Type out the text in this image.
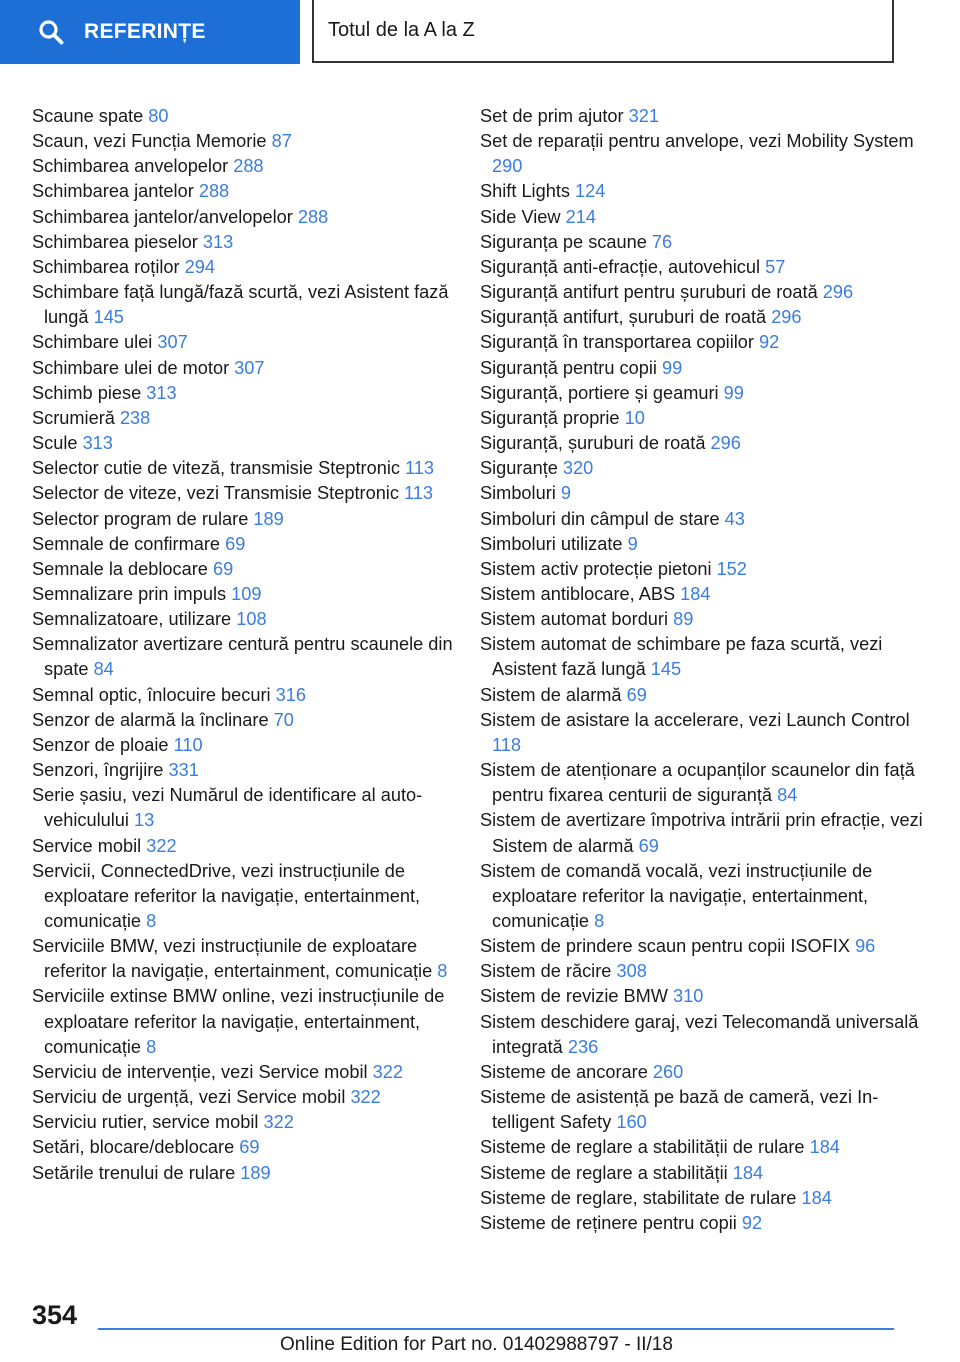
REFERINȚE	Totul de la A la Z
Scaune spate 80
Scaun, vezi Funcția Memorie 87
Schimbarea anvelopelor 288
Schimbarea jantelor 288
Schimbarea jantelor/anvelopelor 288
Schimbarea pieselor 313
Schimbarea roților 294
Schimbare față lungă/fază scurtă, vezi Asistent fază lungă 145
Schimbare ulei 307
Schimbare ulei de motor 307
Schimb piese 313
Scrumieră 238
Scule 313
Selector cutie de viteză, transmisie Steptronic 113
Selector de viteze, vezi Transmisie Steptronic 113
Selector program de rulare 189
Semnale de confirmare 69
Semnale la deblocare 69
Semnalizare prin impuls 109
Semnalizatoare, utilizare 108
Semnalizator avertizare centură pentru scaunele din spate 84
Semnal optic, înlocuire becuri 316
Senzor de alarmă la înclinare 70
Senzor de ploaie 110
Senzori, îngrijire 331
Serie șasiu, vezi Numărul de identificare al autovehiculului 13
Service mobil 322
Servicii, ConnectedDrive, vezi instrucțiunile de exploatare referitor la navigație, entertainment, comunicație 8
Serviciile BMW, vezi instrucțiunile de exploatare referitor la navigație, entertainment, comunicație 8
Serviciile extinse BMW online, vezi instrucțiunile de exploatare referitor la navigație, entertainment, comunicație 8
Serviciu de intervenție, vezi Service mobil 322
Serviciu de urgență, vezi Service mobil 322
Serviciu rutier, service mobil 322
Setări, blocare/deblocare 69
Setările trenului de rulare 189
Set de prim ajutor 321
Set de reparații pentru anvelope, vezi Mobility System 290
Shift Lights 124
Side View 214
Siguranța pe scaune 76
Siguranță anti-efracție, autovehicul 57
Siguranță antifurt pentru șuruburi de roată 296
Siguranță antifurt, șuruburi de roată 296
Siguranță în transportarea copiilor 92
Siguranță pentru copii 99
Siguranță, portiere și geamuri 99
Siguranță proprie 10
Siguranță, șuruburi de roată 296
Siguranțe 320
Simboluri 9
Simboluri din câmpul de stare 43
Simboluri utilizate 9
Sistem activ protecție pietoni 152
Sistem antiblocare, ABS 184
Sistem automat borduri 89
Sistem automat de schimbare pe faza scurtă, vezi Asistent fază lungă 145
Sistem de alarmă 69
Sistem de asistare la accelerare, vezi Launch Control 118
Sistem de atenționare a ocupanților scaunelor din față pentru fixarea centurii de siguranță 84
Sistem de avertizare împotriva intrării prin efracție, vezi Sistem de alarmă 69
Sistem de comandă vocală, vezi instrucțiunile de exploatare referitor la navigație, entertainment, comunicație 8
Sistem de prindere scaun pentru copii ISOFIX 96
Sistem de răcire 308
Sistem de revizie BMW 310
Sistem deschidere garaj, vezi Telecomandă universală integrată 236
Sisteme de ancorare 260
Sisteme de asistență pe bază de cameră, vezi Intelligent Safety 160
Sisteme de reglare a stabilității de rulare 184
Sisteme de reglare a stabilității 184
Sisteme de reglare, stabilitate de rulare 184
Sisteme de reținere pentru copii 92
354
Online Edition for Part no. 01402988797 - II/18
